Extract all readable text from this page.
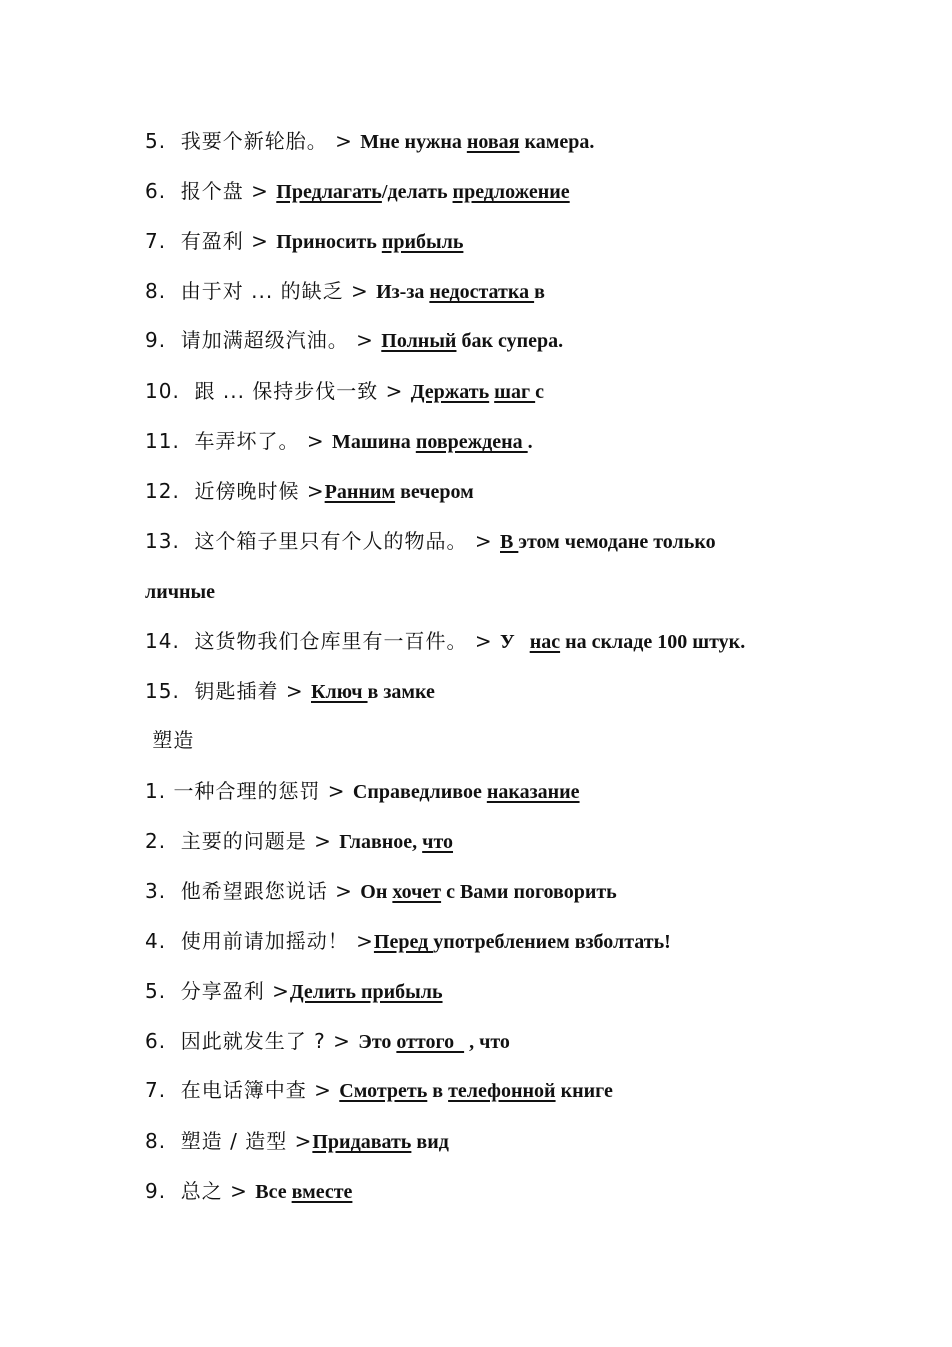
5.  我要个新轮胎。 > Мне нужна новая камера.
6.  报个盘 > Предлагать/делать предложение
7.  有盈利 > Приносить прибыль
8.  由于对 ... 的缺乏 > Из-за недостатка в
9.  请加满超级汽油。 > Полный бак супера.
10.  跟 ... 保持步伐一致 > Держать шаг с
11.  车弄坏了。 > Машина повреждена .
12.  近傍晚时候 >Ранним вечером
13.  这个箱子里只有个人的物品。 > В этом чемодане только
личные
14.  这货物我们仓库里有一百件。 > У   нас на складе 100 штук.
15.  钥匙插着 > Ключ в замке
塑造
1. 一种合理的惩罚 > Справедливое наказание
2.  主要的问题是 > Главное, что
3.  他希望跟您说话 > Он хочет с Вами поговорить
4.  使用前请加摇动！ >Перед употреблением взболтать!
5.  分享盈利 >Делить прибыль
6.  因此就发生了 ? > Это оттого   , что
7.  在电话簿中查 > Смотреть в телефонной книге
8.  塑造 / 造型 >Придавать вид
9.  总之 > Все вместе
